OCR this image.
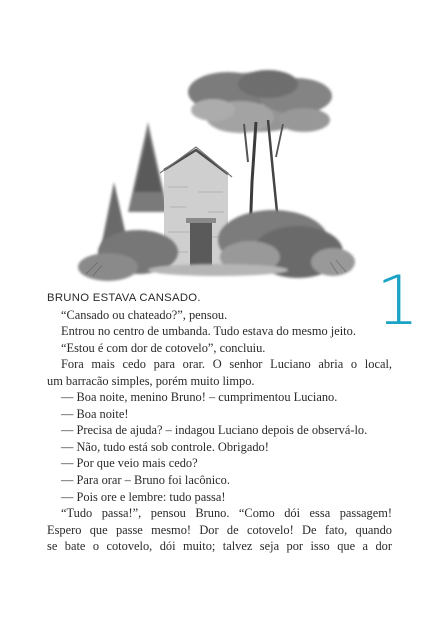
1

BRUNO ESTAVA CANSADO.

“Cansado ou chateado?”, pensou.

Entrou no centro de umbanda. Tudo estava do mesmo jeito.

“Estou é com dor de cotovelo”, concluiu.

Fora mais cedo para orar. O senhor Luciano abria o local,

um barracão simples, porém muito limpo.

— Boa noite, menino Bruno! – cumprimentou Luciano.

— Boa noite!

— Precisa de ajuda? – indagou Luciano depois de observá-lo.

— Não, tudo está sob controle. Obrigado!

— Por que veio mais cedo?

— Para orar – Bruno foi lacônico.

— Pois ore e lembre: tudo passa!

“Tudo passa!”, pensou Bruno. “Como dói essa passagem!

Espero que passe mesmo! Dor de cotovelo! De fato, quando

se bate o cotovelo, dói muito; talvez seja por isso que a dor
